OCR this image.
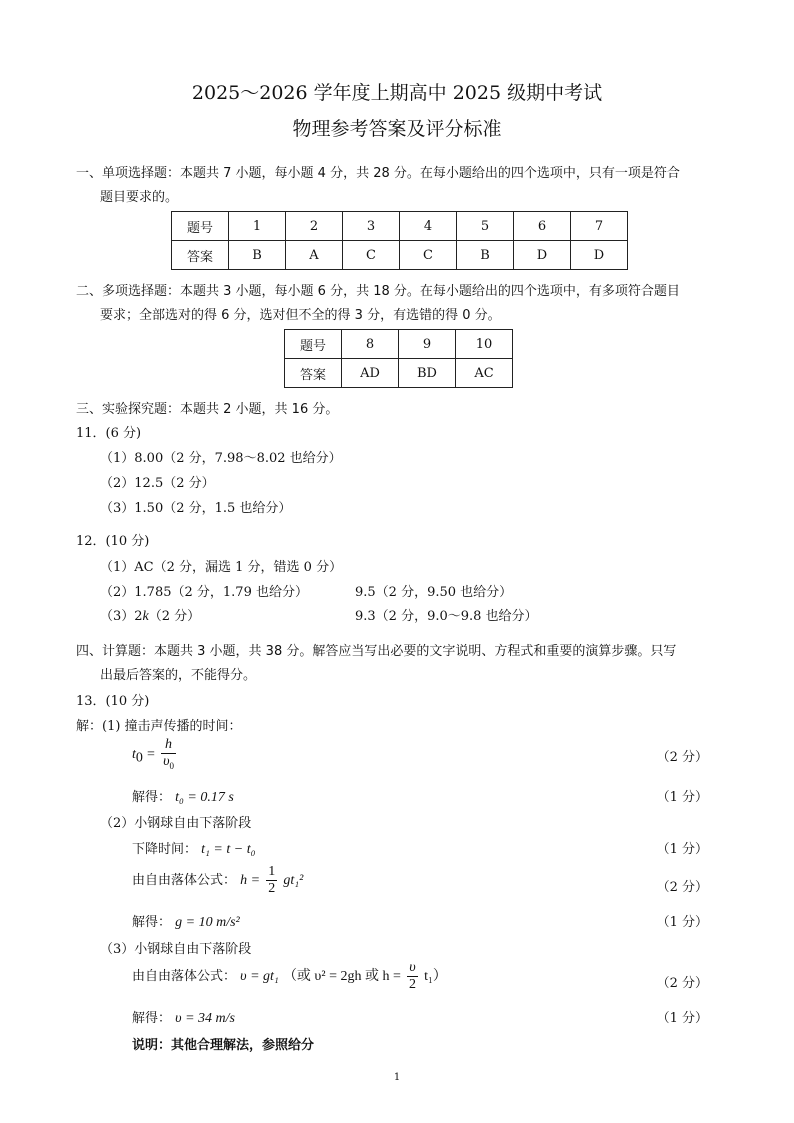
2025～2026 学年度上期高中 2025 级期中考试
物理参考答案及评分标准
一、单项选择题：本题共 7 小题，每小题 4 分，共 28 分。在每小题给出的四个选项中，只有一项是符合
题目要求的。
题号	1	2	3	4	5	6	7
答案	B	A	C	C	B	D	D
二、多项选择题：本题共 3 小题，每小题 6 分，共 18 分。在每小题给出的四个选项中，有多项符合题目
要求；全部选对的得 6 分，选对但不全的得 3 分，有选错的得 0 分。
题号	8	9	10
答案	AD	BD	AC
三、实验探究题：本题共 2 小题，共 16 分。
11．(6 分)
（1）8.00（2 分，7.98～8.02 也给分）
（2）12.5（2 分）
（3）1.50（2 分，1.5 也给分）
12．(10 分)
（1）AC（2 分，漏选 1 分，错选 0 分）
（2）1.785（2 分，1.79 也给分）	9.5（2 分，9.50 也给分）
（3）2k（2 分）	9.3（2 分，9.0～9.8 也给分）
四、计算题：本题共 3 小题，共 38 分。解答应当写出必要的文字说明、方程式和重要的演算步骤。只写
出最后答案的，不能得分。
13．(10 分)
解：(1) 撞击声传播的时间：
$t_0 = \frac{h}{\upsilon_0}$	（2 分）
解得： t₀ = 0.17 s	（1 分）
（2）小钢球自由下落阶段
下降时间： t₁ = t − t₀	（1 分）
由自由落体公式： $h = \frac{1}{2} gt_1^2$	（2 分）
解得： g = 10 m/s²	（1 分）
（3）小钢球自由下落阶段
由自由落体公式： υ = gt₁ （或 υ² = 2gh 或 $h = \frac{\upsilon}{2} t_1$）	（2 分）
解得： υ = 34 m/s	（1 分）
说明：其他合理解法，参照给分
1
